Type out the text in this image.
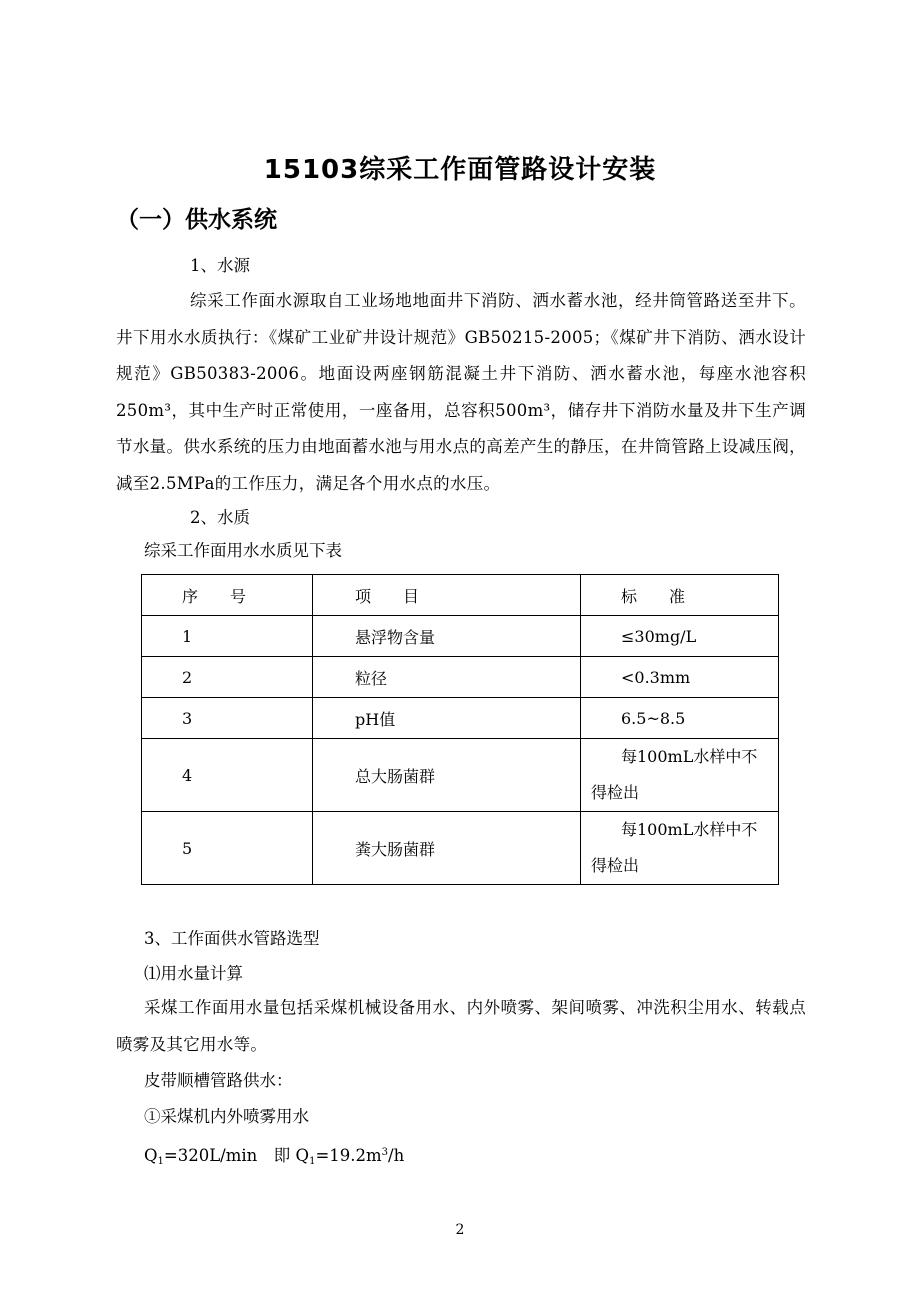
15103综采工作面管路设计安装
（一）供水系统
1、水源
综采工作面水源取自工业场地地面井下消防、洒水蓄水池，经井筒管路送至井下。井下用水水质执行：《煤矿工业矿井设计规范》GB50215-2005；《煤矿井下消防、洒水设计规范》GB50383-2006。地面设两座钢筋混凝土井下消防、洒水蓄水池，每座水池容积250m³，其中生产时正常使用，一座备用，总容积500m³，储存井下消防水量及井下生产调节水量。供水系统的压力由地面蓄水池与用水点的高差产生的静压，在井筒管路上设减压阀，减至2.5MPa的工作压力，满足各个用水点的水压。
2、水质
综采工作面用水水质见下表
序　　号	项　　目	标　　准
1	悬浮物含量	≤30mg/L
2	粒径	<0.3mm
3	pH值	6.5~8.5
4	总大肠菌群	每100mL水样中不得检出

5	粪大肠菌群	每100mL水样中不得检出
3、工作面供水管路选型
⑴用水量计算
采煤工作面用水量包括采煤机械设备用水、内外喷雾、架间喷雾、冲洗积尘用水、转载点喷雾及其它用水等。
皮带顺槽管路供水：
①采煤机内外喷雾用水
$Q_1=320L/\min$　即 $Q_1=19.2m^3/h$
2
